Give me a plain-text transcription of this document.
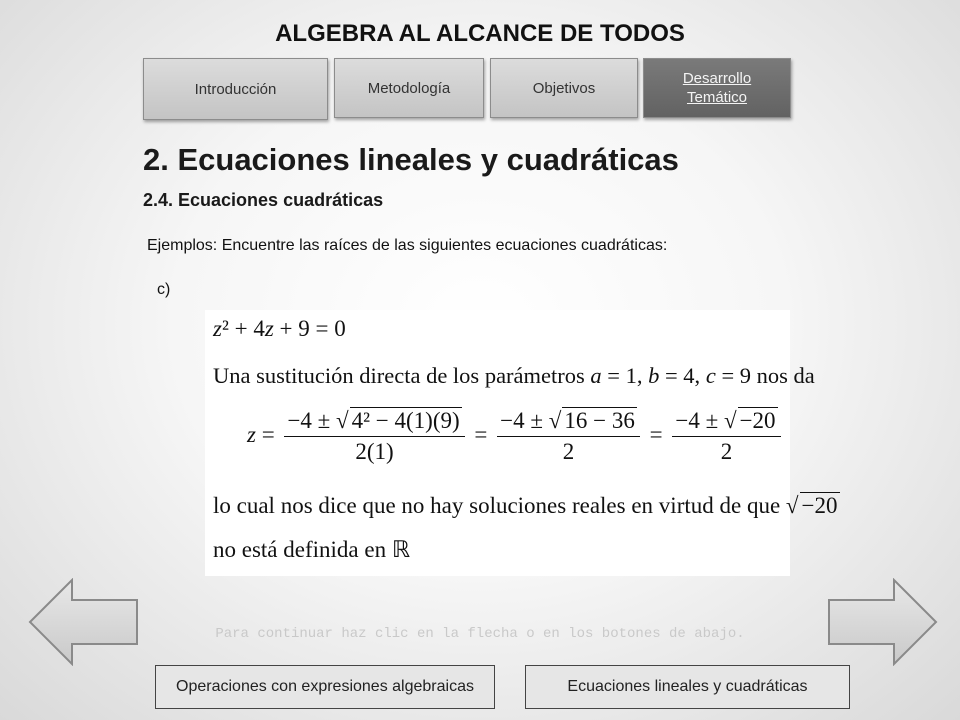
ALGEBRA AL ALCANCE DE TODOS
Introducción	Metodología	Objetivos
Desarrollo Temático
2. Ecuaciones lineales y cuadráticas
2.4. Ecuaciones cuadráticas
Ejemplos: Encuentre las raíces de las siguientes ecuaciones cuadráticas:
c)
z² + 4z + 9 = 0
Una sustitución directa de los parámetros a = 1, b = 4, c = 9 nos da
$z = \frac{\text{−4 ± √ 4² − 4(1)(9)}}{2(1)} = \frac{-4 \pm √ 16 - 36}{2} = \frac{-4 \pm √ -20}{2}$
lo cual nos dice que no hay soluciones reales en virtud de que √ −20
no está definida en ℝ
Para continuar haz clic en la flecha o en los botones de abajo.
Operaciones con expresiones algebraicas	Ecuaciones lineales y cuadráticas
